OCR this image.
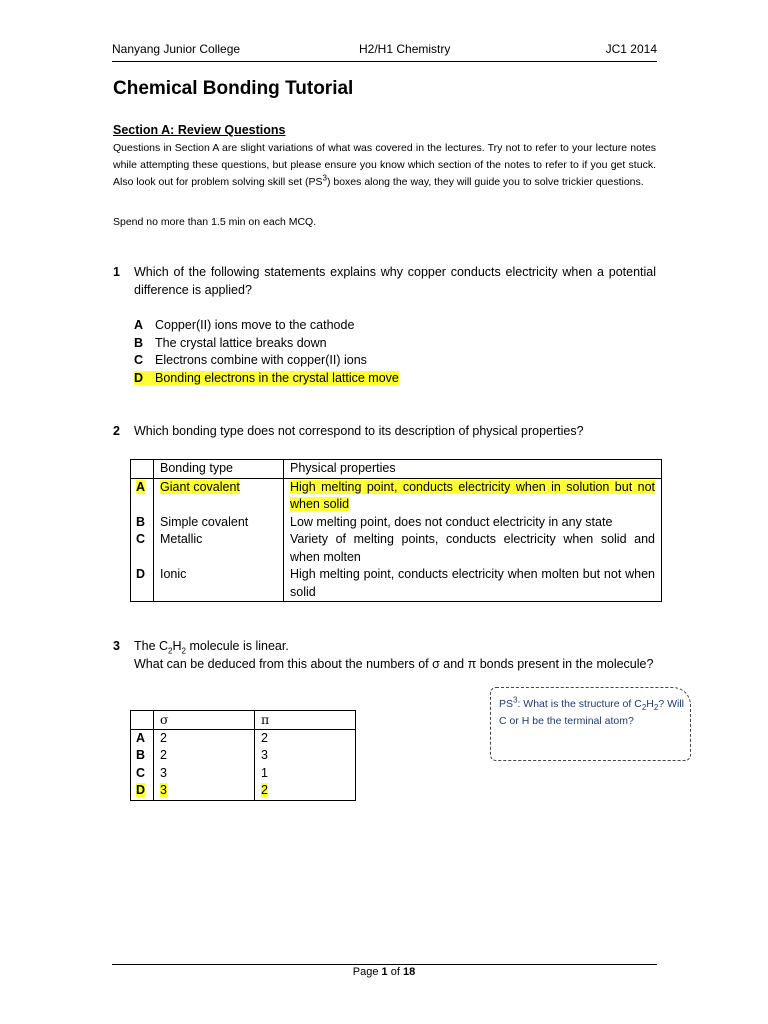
Nanyang Junior College	H2/H1 Chemistry	JC1 2014
Chemical Bonding Tutorial
Section A: Review Questions
Questions in Section A are slight variations of what was covered in the lectures. Try not to refer to your lecture notes while attempting these questions, but please ensure you know which section of the notes to refer to if you get stuck. Also look out for problem solving skill set $(PS^3)$ boxes along the way, they will guide you to solve trickier questions.
Spend no more than 1.5 min on each MCQ.
1 Which of the following statements explains why copper conducts electricity when a potential difference is applied?
A Copper(II) ions move to the cathode
B The crystal lattice breaks down
C Electrons combine with copper(II) ions
D Bonding electrons in the crystal lattice move
2 Which bonding type does not correspond to its description of physical properties?
	Bonding type	Physical properties
A	Giant covalent	High melting point, conducts electricity when in solution but not when solid
B	Simple covalent	Low melting point, does not conduct electricity in any state
C	Metallic	Variety of melting points, conducts electricity when solid and when molten
D	Ionic	High melting point, conducts electricity when molten but not when solid
3 The $C_2H_2$ molecule is linear.
What can be deduced from this about the numbers of σ and π bonds present in the molecule?
	σ	π
A	2	2
B	2	3
C	3	1
D	3	2
$PS^3$: What is the structure of $C_2H_2$? Will C or H be the terminal atom?
Page 1 of 18
